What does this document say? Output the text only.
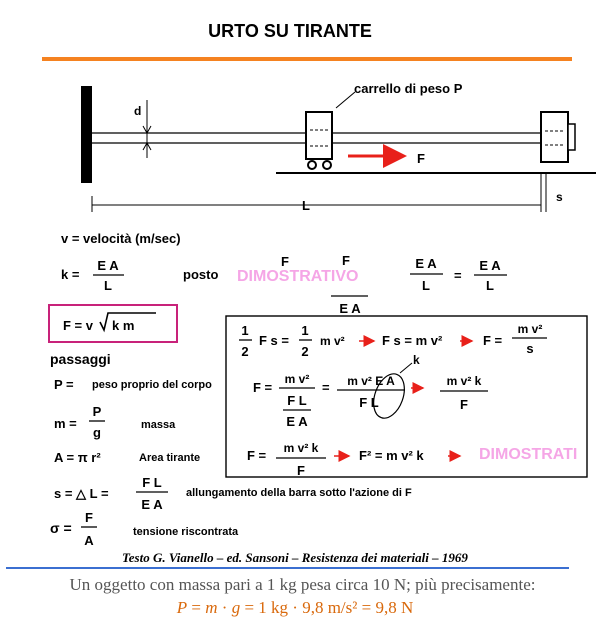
URTO SU TIRANTE
d
carrello di peso P
F
L
s
v = velocità (m/sec)
k =
E A
L
posto
F	F
DIMOSTRATIVO
E A
L
=
E A
L
E A
F = v k m
passaggi
P = peso proprio del corpo
m =
P
g	massa
A = π r²	Area tirante
s = △ L =
F L
E A
allungamento della barra sotto l'azione di F
σ =
F
A
tensione riscontrata
1
2
F s =
1
2
m v²	F s = m v²	F =
m v²
s
F =
m v²
F L
E A
= m v² E A
F L
k
m v² k
F
F = m v² k
F
F² = m v² k	DIMOSTRATI
Testo G. Vianello – ed. Sansoni – Resistenza dei materiali – 1969
Un oggetto con massa pari a 1 kg pesa circa 10 N; più precisamente:
P = m · g = 1 kg · 9,8 m/s² = 9,8 N
